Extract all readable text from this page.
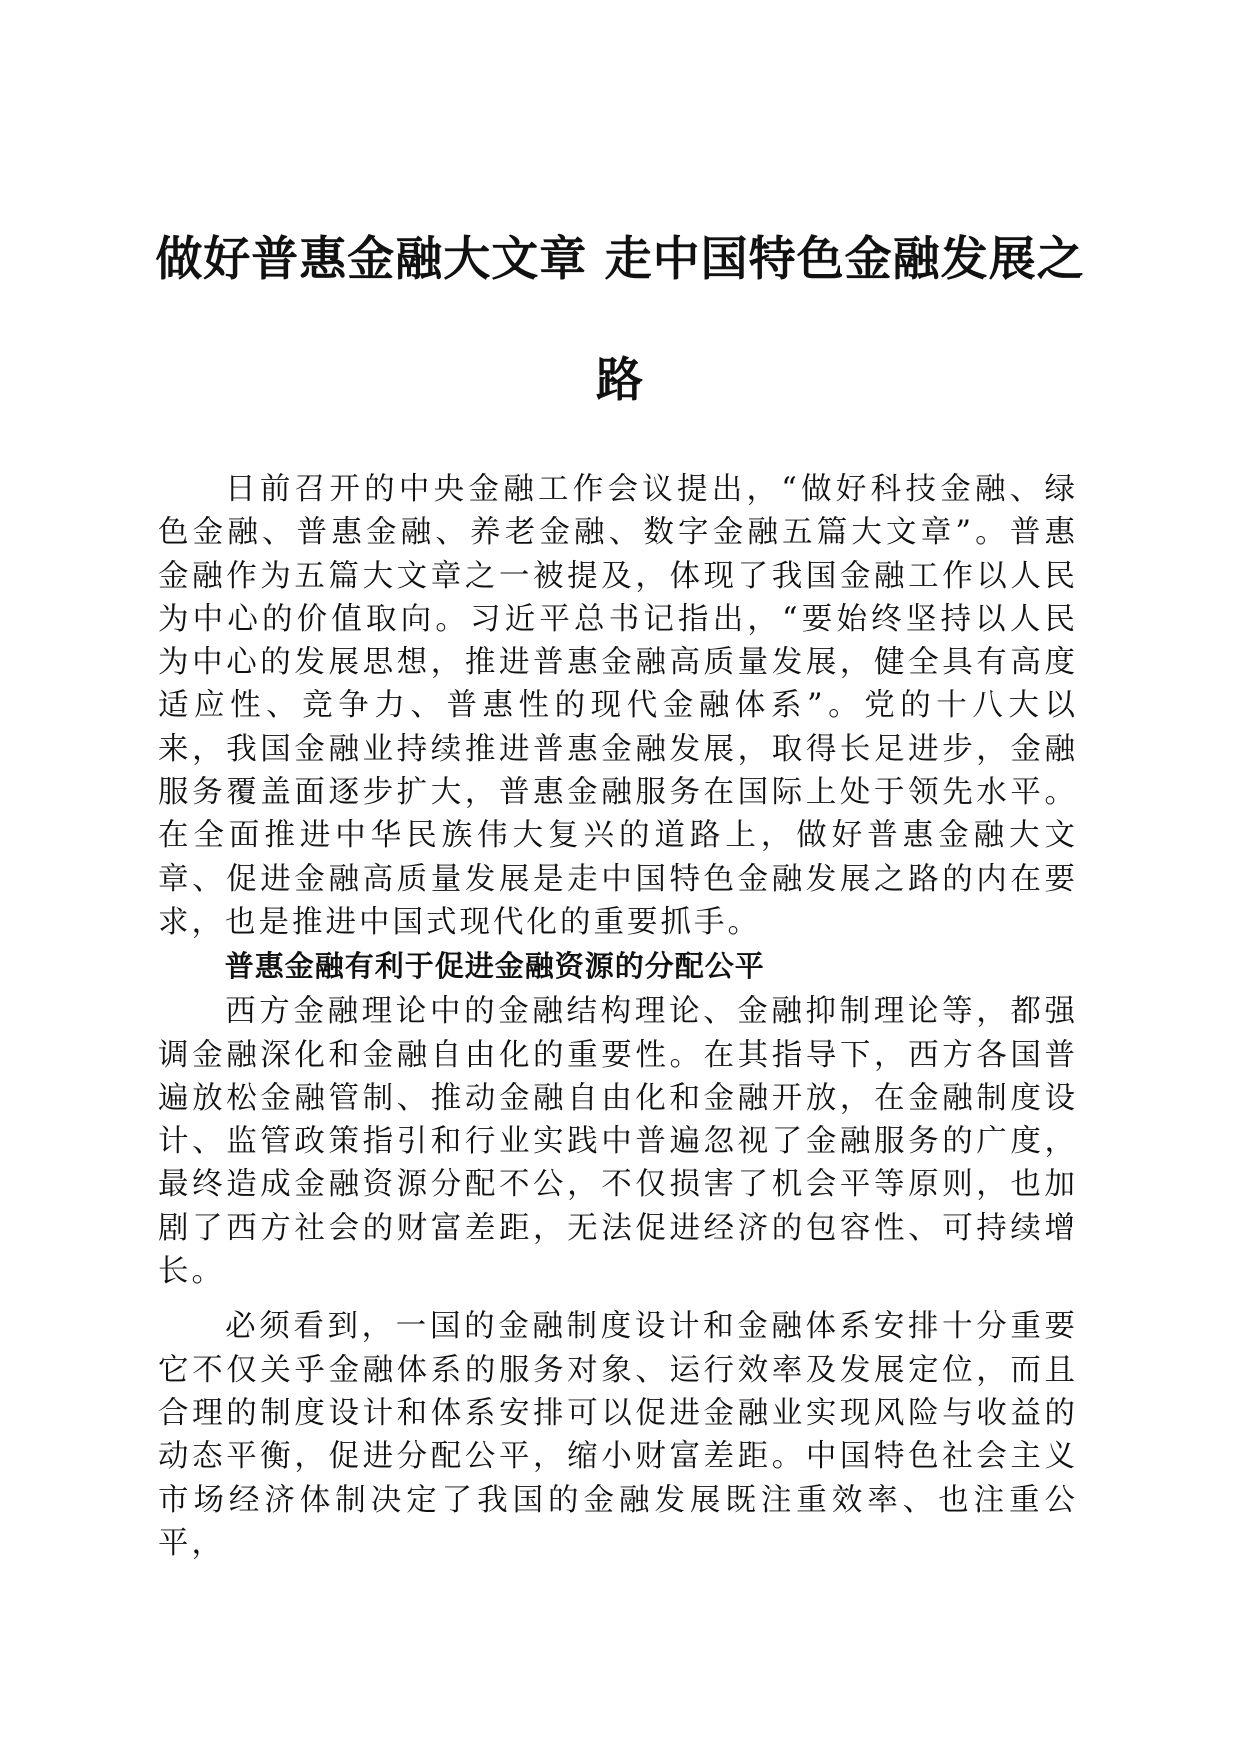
做好普惠金融大文章 走中国特色金融发展之
路

日前召开的中央金融工作会议提出，“做好科技金融、绿色金融、普惠金融、养老金融、数字金融五篇大文章”。普惠金融作为五篇大文章之一被提及，体现了我国金融工作以人民为中心的价值取向。习近平总书记指出，“要始终坚持以人民为中心的发展思想，推进普惠金融高质量发展，健全具有高度适应性、竞争力、普惠性的现代金融体系”。党的十八大以来，我国金融业持续推进普惠金融发展，取得长足进步，金融服务覆盖面逐步扩大，普惠金融服务在国际上处于领先水平。在全面推进中华民族伟大复兴的道路上，做好普惠金融大文章、促进金融高质量发展是走中国特色金融发展之路的内在要求，也是推进中国式现代化的重要抓手。

普惠金融有利于促进金融资源的分配公平

西方金融理论中的金融结构理论、金融抑制理论等，都强调金融深化和金融自由化的重要性。在其指导下，西方各国普遍放松金融管制、推动金融自由化和金融开放，在金融制度设计、监管政策指引和行业实践中普遍忽视了金融服务的广度，最终造成金融资源分配不公，不仅损害了机会平等原则，也加剧了西方社会的财富差距，无法促进经济的包容性、可持续增长。

必须看到，一国的金融制度设计和金融体系安排十分重要它不仅关乎金融体系的服务对象、运行效率及发展定位，而且合理的制度设计和体系安排可以促进金融业实现风险与收益的动态平衡，促进分配公平，缩小财富差距。中国特色社会主义市场经济体制决定了我国的金融发展既注重效率、也注重公平，
